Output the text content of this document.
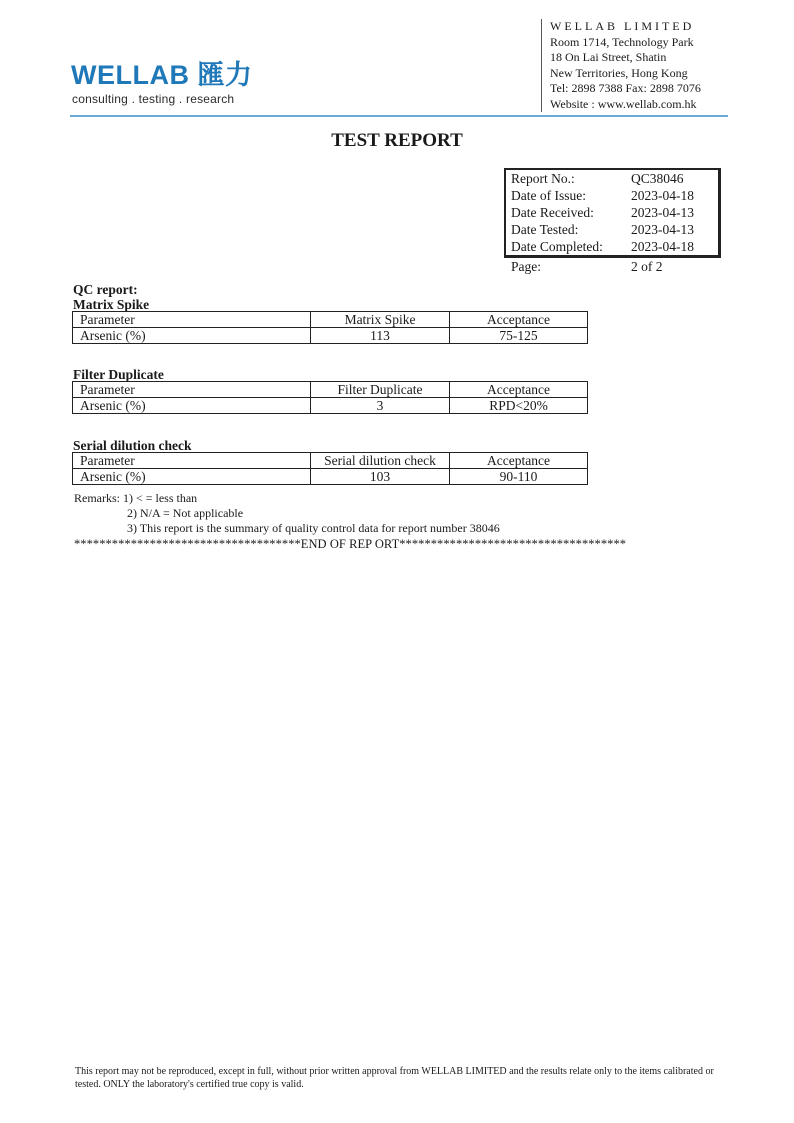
WELLAB 匯力
consulting . testing . research
WELLAB LIMITED
Room 1714, Technology Park
18 On Lai Street, Shatin
New Territories, Hong Kong
Tel: 2898 7388 Fax: 2898 7076
Website : www.wellab.com.hk
TEST REPORT
Report No.:	QC38046
Date of Issue:	2023-04-18
Date Received:	2023-04-13
Date Tested:	2023-04-13
Date Completed:	2023-04-18
Page:	2 of 2
QC report:
Matrix Spike
Parameter	Matrix Spike	Acceptance
Arsenic (%)	113	75-125
Filter Duplicate
Parameter	Filter Duplicate	Acceptance
Arsenic (%)	3	RPD<20%
Serial dilution check
Parameter	Serial dilution check	Acceptance
Arsenic (%)	103	90-110
Remarks: 1) < = less than
2) N/A = Not applicable
3) This report is the summary of quality control data for report number 38046
************************************END OF REP ORT************************************
This report may not be reproduced, except in full, without prior written approval from WELLAB LIMITED and the results relate only to the items calibrated or tested. ONLY the laboratory's certified true copy is valid.
